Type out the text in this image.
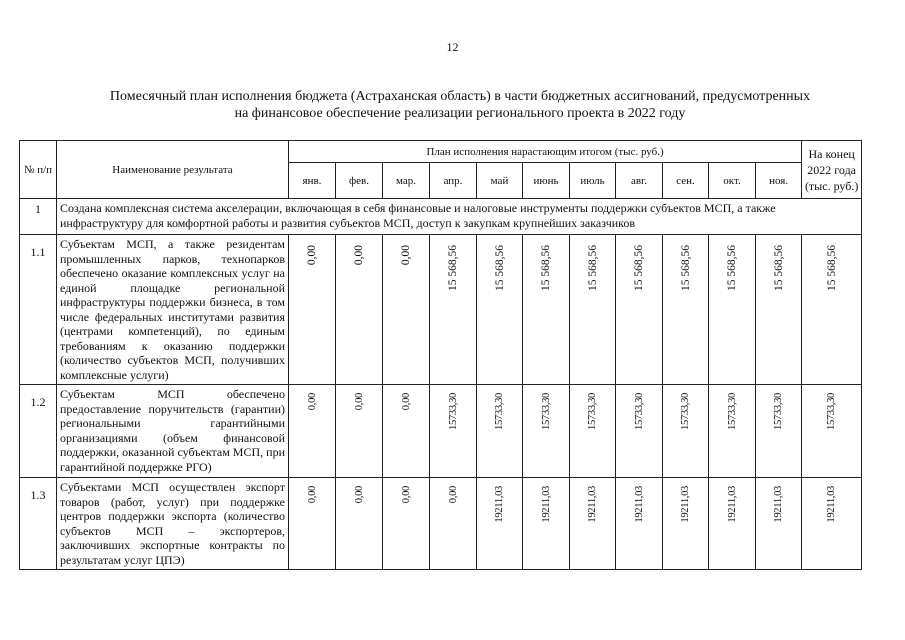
12
Помесячный план исполнения бюджета (Астраханская область) в части бюджетных ассигнований, предусмотренных
на финансовое обеспечение реализации регионального проекта в 2022 году
№ п/п	Наименование результата	План исполнения нарастающим итогом (тыс. руб.)											На конец
2022 года
(тыс. руб.)

		янв.	фев.	мар.	апр.	май	июнь	июль	авг.	сен.	окт.	ноя.	
1	Создана комплексная система акселерации, включающая в себя финансовые и налоговые инструменты поддержки субъектов МСП, а также инфраструктуру для комфортной работы и развития субъектов МСП, доступ к закупкам крупнейших заказчиков												
1.1	Субъектам МСП, а также резидентам промышленных парков, технопарков обеспечено оказание комплексных услуг на единой площадке региональной инфраструктуры поддержки бизнеса, в том числе федеральных институтами развития (центрами компетенций), по единым требованиям к оказанию поддержки (количество субъектов МСП, получивших комплексные услуги)	0,00	0,00	0,00	15 568,56	15 568,56	15 568,56	15 568,56	15 568,56	15 568,56	15 568,56	15 568,56	15 568,56
1.2	Субъектам МСП обеспечено предоставление поручительств (гарантии) региональными гарантийными организациями (объем финансовой поддержки, оказанной субъектам МСП, при гарантийной поддержке РГО)	0,00	0,00	0,00	15733,30	15733,30	15733,30	15733,30	15733,30	15733,30	15733,30	15733,30	15733,30
1.3	Субъектами МСП осуществлен экспорт товаров (работ, услуг) при поддержке центров поддержки экспорта (количество субъектов МСП – экспортеров, заключивших экспортные контракты по результатам услуг ЦПЭ)	0,00	0,00	0,00	0,00	19211,03	19211,03	19211,03	19211,03	19211,03	19211,03	19211,03	19211,03
